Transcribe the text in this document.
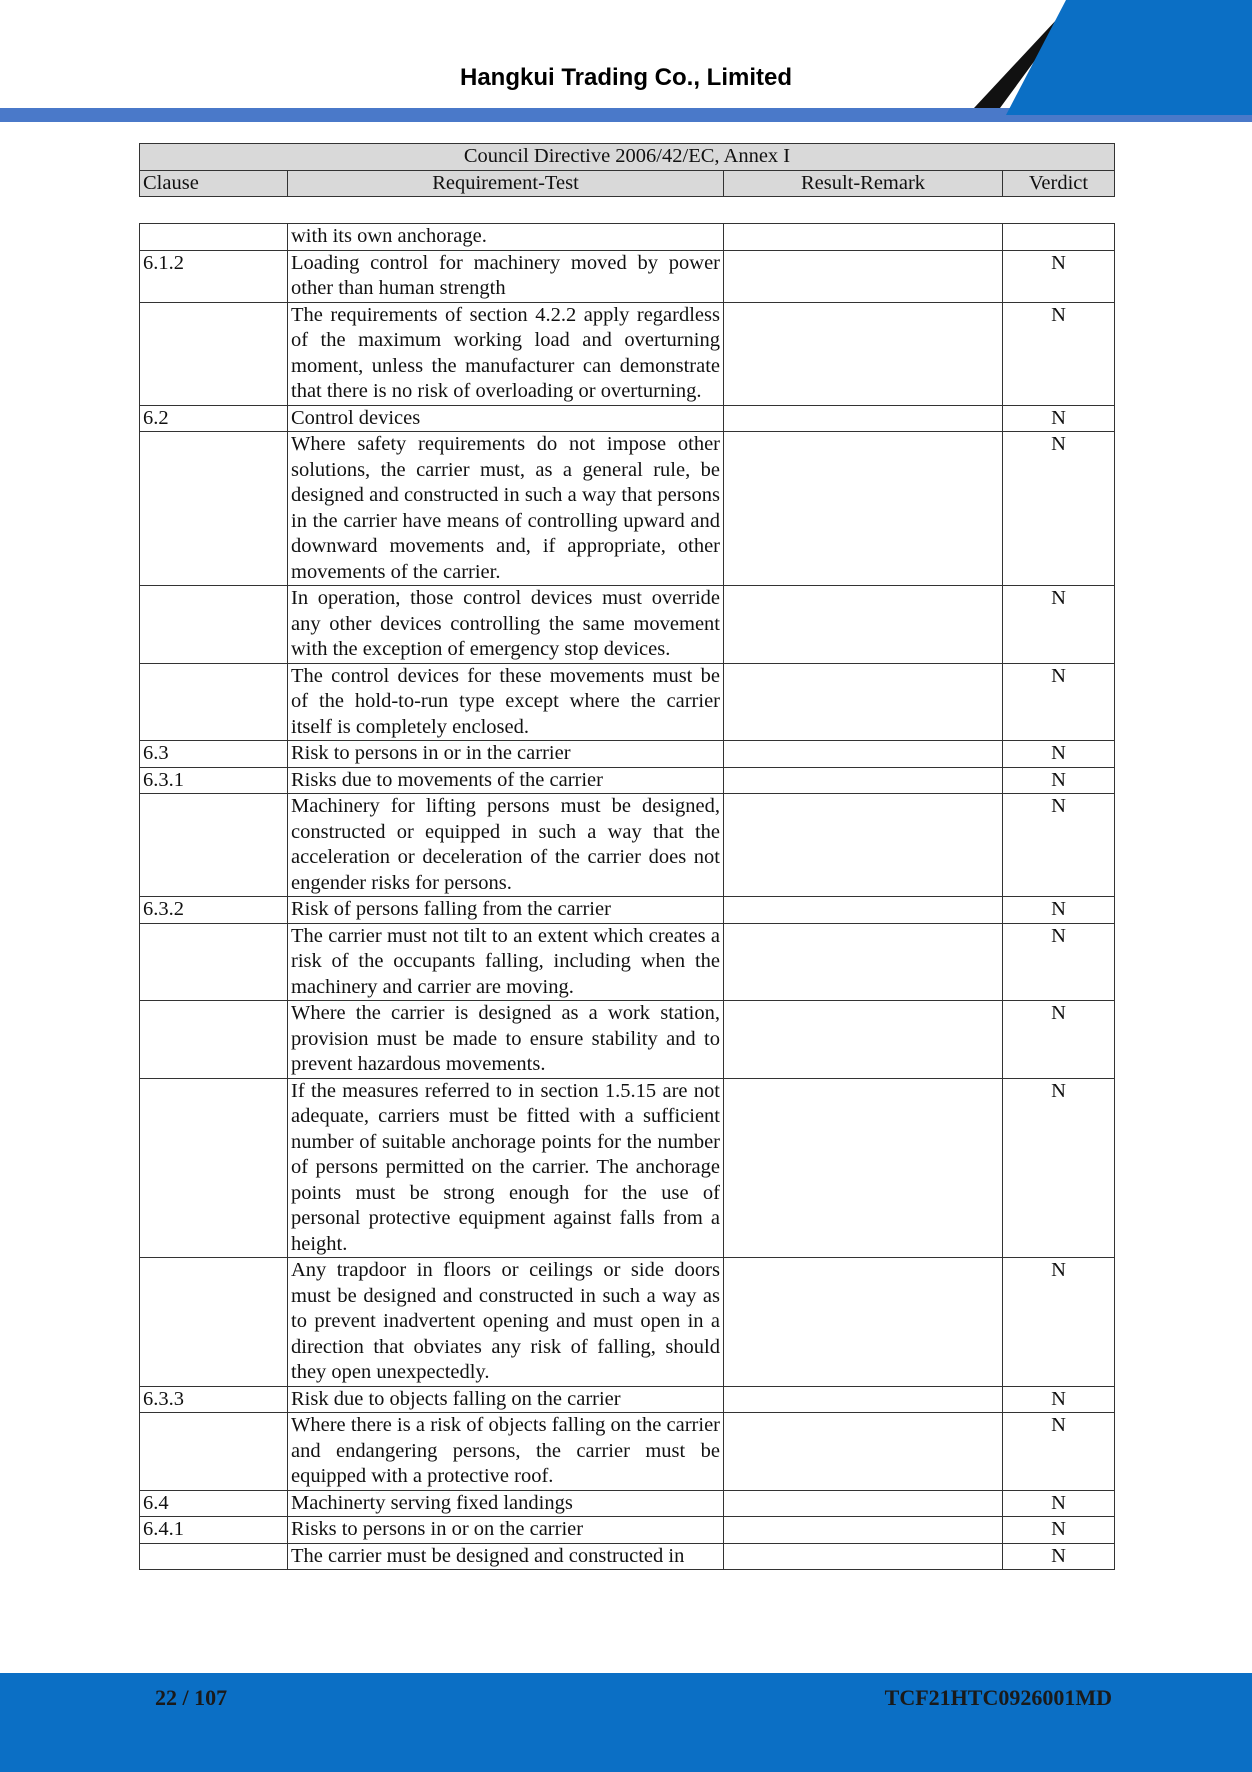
Hangkui Trading Co., Limited
Council Directive 2006/42/EC, Annex I
Clause	Requirement-Test	Result-Remark	Verdict
	with its own anchorage.		
6.1.2	Loading control for machinery moved by power other than human strength		N
	The requirements of section 4.2.2 apply regardless of the maximum working load and overturning moment, unless the manufacturer can demonstrate that there is no risk of overloading or overturning.		N
6.2	Control devices		N
	Where safety requirements do not impose other solutions, the carrier must, as a general rule, be designed and constructed in such a way that persons in the carrier have means of controlling upward and downward movements and, if appropriate, other movements of the carrier.		N
	In operation, those control devices must override any other devices controlling the same movement with the exception of emergency stop devices.		N
	The control devices for these movements must be of the hold-to-run type except where the carrier itself is completely enclosed.		N
6.3	Risk to persons in or in the carrier		N
6.3.1	Risks due to movements of the carrier		N
	Machinery for lifting persons must be designed, constructed or equipped in such a way that the acceleration or deceleration of the carrier does not engender risks for persons.		N
6.3.2	Risk of persons falling from the carrier		N
	The carrier must not tilt to an extent which creates a risk of the occupants falling, including when the machinery and carrier are moving.		N
	Where the carrier is designed as a work station, provision must be made to ensure stability and to prevent hazardous movements.		N
	If the measures referred to in section 1.5.15 are not adequate, carriers must be fitted with a sufficient number of suitable anchorage points for the number of persons permitted on the carrier. The anchorage points must be strong enough for the use of personal protective equipment against falls from a height.		N
	Any trapdoor in floors or ceilings or side doors must be designed and constructed in such a way as to prevent inadvertent opening and must open in a direction that obviates any risk of falling, should they open unexpectedly.		N
6.3.3	Risk due to objects falling on the carrier		N
	Where there is a risk of objects falling on the carrier and endangering persons, the carrier must be equipped with a protective roof.		N
6.4	Machinerty serving fixed landings		N
6.4.1	Risks to persons in or on the carrier		N
	The carrier must be designed and constructed in		N
22 / 107	TCF21HTC0926001MD
